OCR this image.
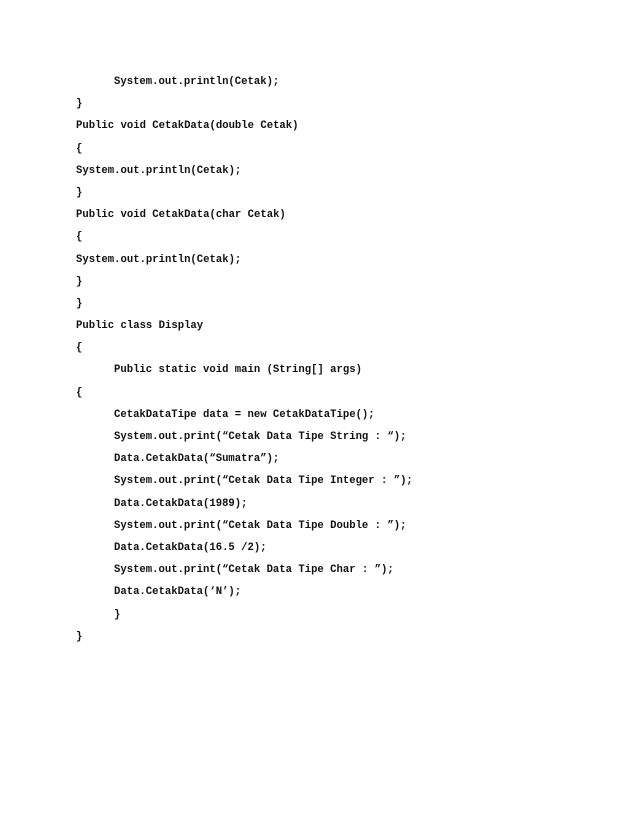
System.out.println(Cetak);
}
Public void CetakData(double Cetak)
{
System.out.println(Cetak);
}
Public void CetakData(char Cetak)
{
System.out.println(Cetak);
}
}
Public class Display
{
Public static void main (String[] args)
{
CetakDataTipe data = new CetakDataTipe();
System.out.print(“Cetak Data Tipe String : “);
Data.CetakData(“Sumatra”);
System.out.print(“Cetak Data Tipe Integer : ”);
Data.CetakData(1989);
System.out.print(“Cetak Data Tipe Double : ”);
Data.CetakData(16.5 /2);
System.out.print(“Cetak Data Tipe Char : ”);
Data.CetakData(‘N’);
}
}
